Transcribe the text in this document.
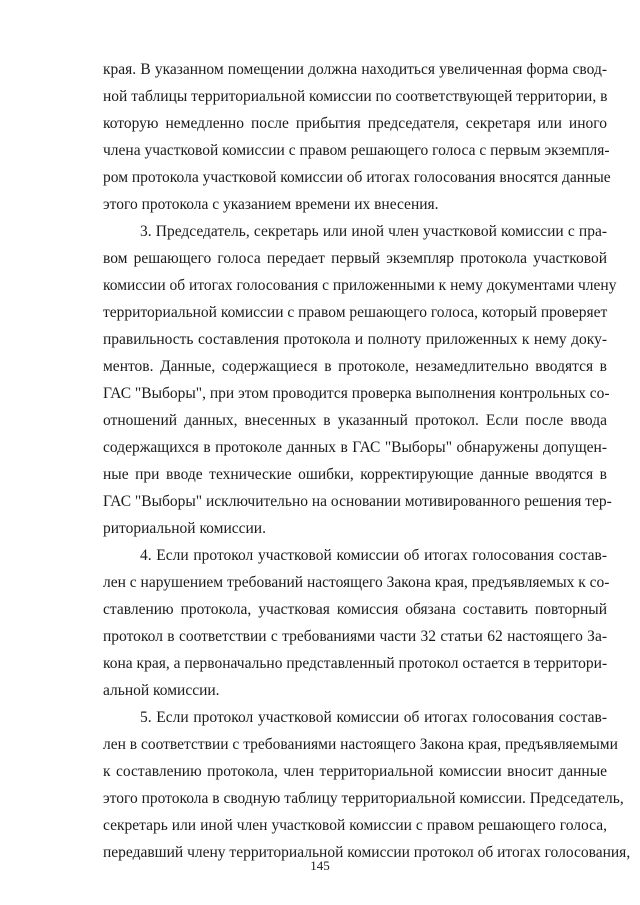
края. В указанном помещении должна находиться увеличенная форма свод-
ной таблицы территориальной комиссии по соответствующей территории, в
которую немедленно после прибытия председателя, секретаря или иного
члена участковой комиссии с правом решающего голоса с первым экземпля-
ром протокола участковой комиссии об итогах голосования вносятся данные
этого протокола с указанием времени их внесения.
3. Председатель, секретарь или иной член участковой комиссии с пра-
вом решающего голоса передает первый экземпляр протокола участковой
комиссии об итогах голосования с приложенными к нему документами члену
территориальной комиссии с правом решающего голоса, который проверяет
правильность составления протокола и полноту приложенных к нему доку-
ментов. Данные, содержащиеся в протоколе, незамедлительно вводятся в
ГАС "Выборы", при этом проводится проверка выполнения контрольных со-
отношений данных, внесенных в указанный протокол. Если после ввода
содержащихся в протоколе данных в ГАС "Выборы" обнаружены допущен-
ные при вводе технические ошибки, корректирующие данные вводятся в
ГАС "Выборы" исключительно на основании мотивированного решения тер-
риториальной комиссии.
4. Если протокол участковой комиссии об итогах голосования состав-
лен с нарушением требований настоящего Закона края, предъявляемых к со-
ставлению протокола, участковая комиссия обязана составить повторный
протокол в соответствии с требованиями части 32 статьи 62 настоящего За-
кона края, а первоначально представленный протокол остается в территори-
альной комиссии.
5. Если протокол участковой комиссии об итогах голосования состав-
лен в соответствии с требованиями настоящего Закона края, предъявляемыми
к составлению протокола, член территориальной комиссии вносит данные
этого протокола в сводную таблицу территориальной комиссии. Председатель,
секретарь или иной член участковой комиссии с правом решающего голоса,
передавший члену территориальной комиссии протокол об итогах голосования,
145
